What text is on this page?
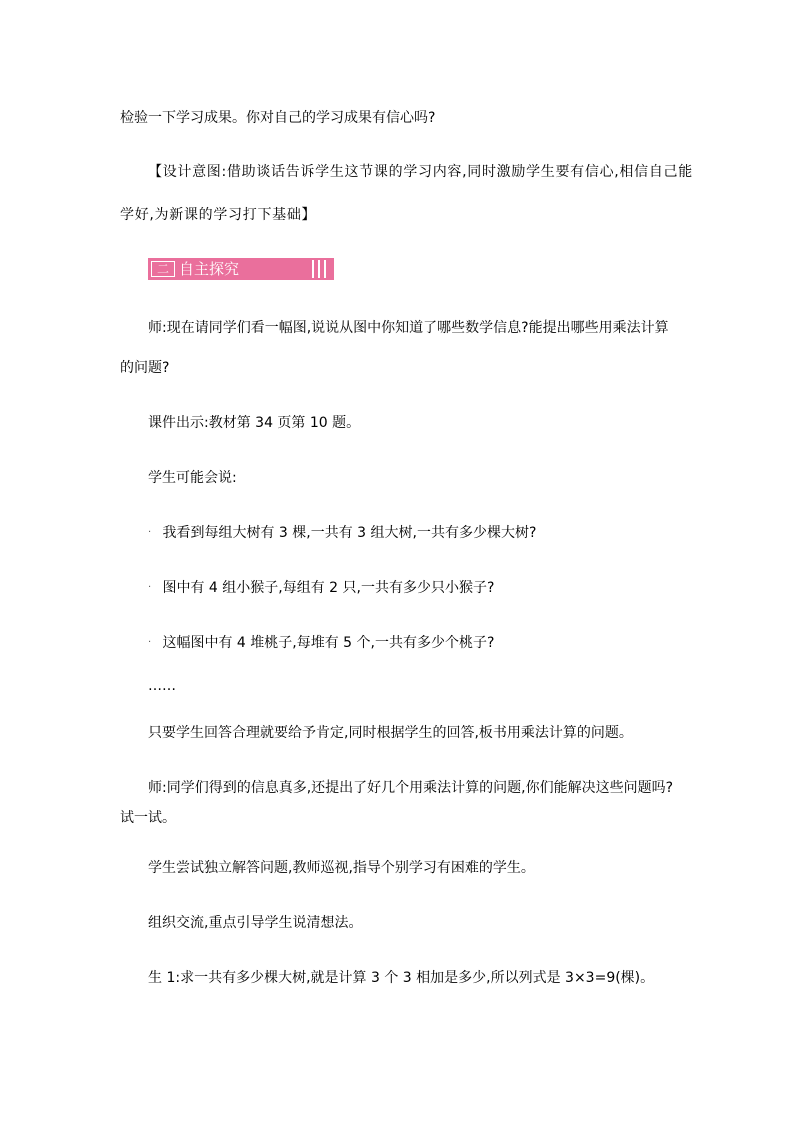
检验一下学习成果。你对自己的学习成果有信心吗?
【设计意图:借助谈话告诉学生这节课的学习内容,同时激励学生要有信心,相信自己能
学好,为新课的学习打下基础】
二 自主探究
师:现在请同学们看一幅图,说说从图中你知道了哪些数学信息?能提出哪些用乘法计算
的问题?
课件出示:教材第 34 页第 10 题。
学生可能会说:
· 我看到每组大树有 3 棵,一共有 3 组大树,一共有多少棵大树?
· 图中有 4 组小猴子,每组有 2 只,一共有多少只小猴子?
· 这幅图中有 4 堆桃子,每堆有 5 个,一共有多少个桃子?
……
只要学生回答合理就要给予肯定,同时根据学生的回答,板书用乘法计算的问题。
师:同学们得到的信息真多,还提出了好几个用乘法计算的问题,你们能解决这些问题吗?
试一试。
学生尝试独立解答问题,教师巡视,指导个别学习有困难的学生。
组织交流,重点引导学生说清想法。
生 1:求一共有多少棵大树,就是计算 3 个 3 相加是多少,所以列式是 3×3=9(棵)。
